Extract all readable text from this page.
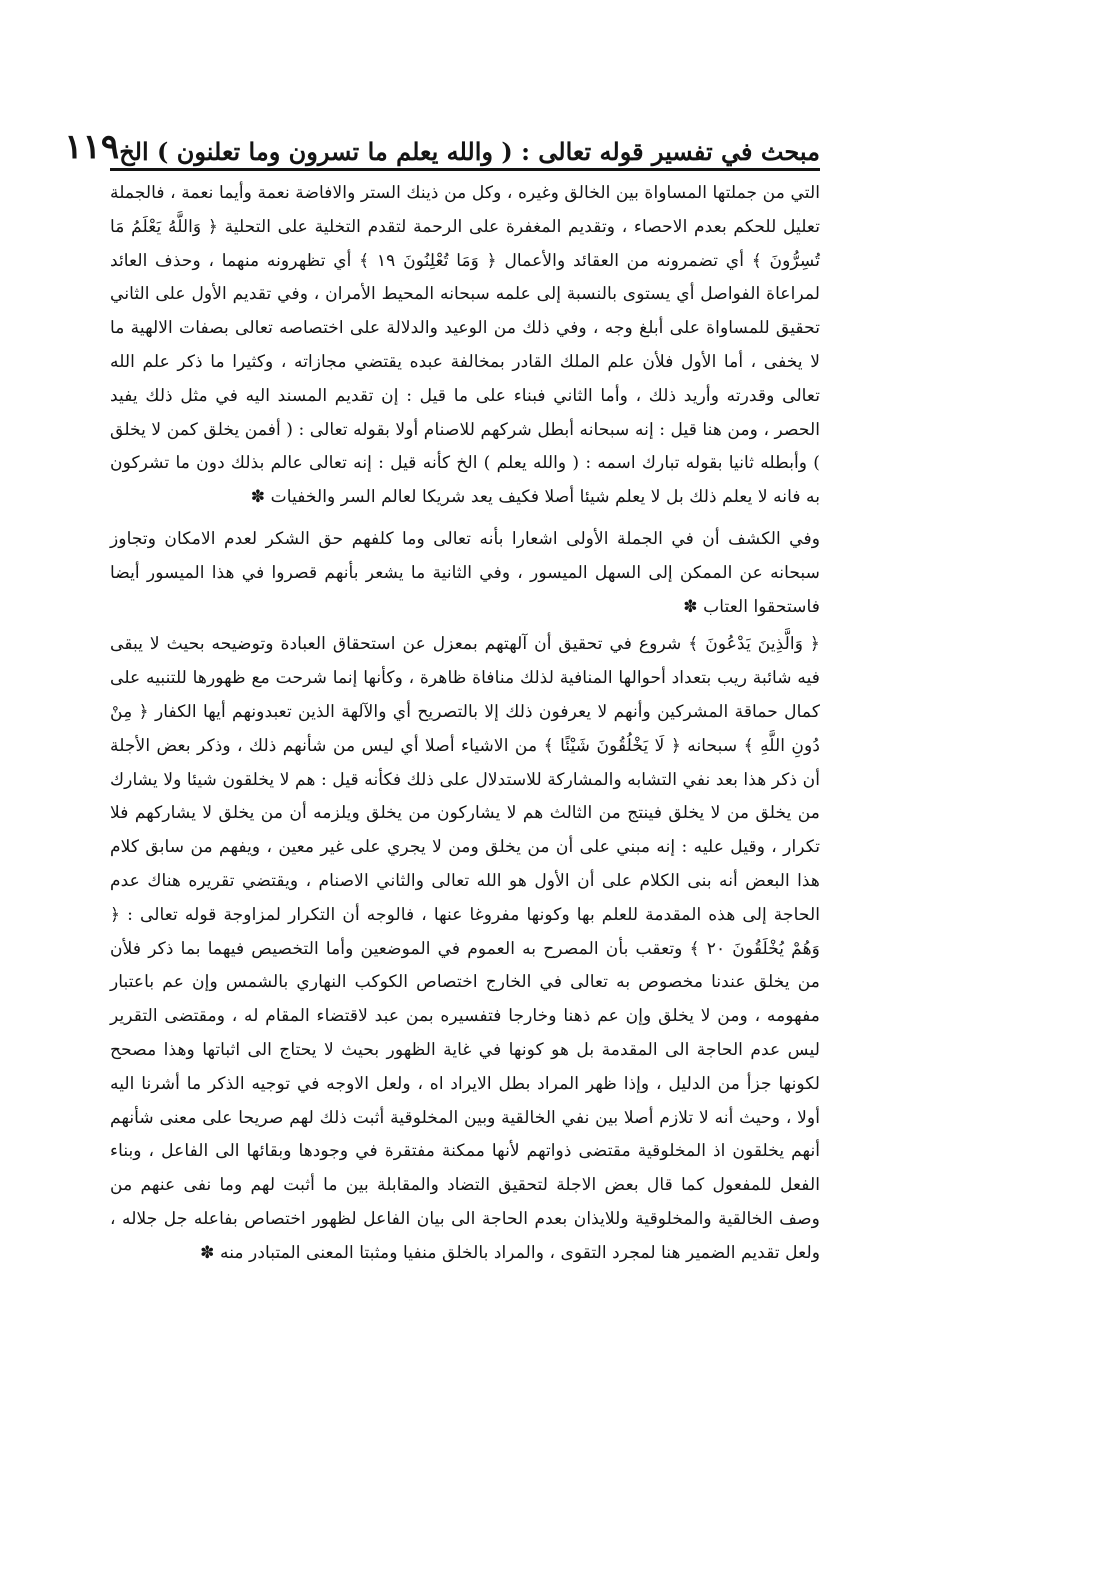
مبحث في تفسير قوله تعالى : ( والله يعلم ما تسرون وما تعلنون ) الخ
١١٩

التي من جملتها المساواة بين الخالق وغيره ، وكل من ذينك الستر والافاضة نعمة وأيما نعمة ، فالجملة تعليل للحكم بعدم الاحصاء ، وتقديم المغفرة على الرحمة لتقدم التخلية على التحلية ﴿ وَاللَّهُ يَعْلَمُ مَا تُسِرُّونَ ﴾ أي تضمرونه من العقائد والأعمال ﴿ وَمَا تُعْلِنُونَ ١٩ ﴾ أي تظهرونه منهما ، وحذف العائد لمراعاة الفواصل أي يستوى بالنسبة إلى علمه سبحانه المحيط الأمران ، وفي تقديم الأول على الثاني تحقيق للمساواة على أبلغ وجه ، وفي ذلك من الوعيد والدلالة على اختصاصه تعالى بصفات الالهية ما لا يخفى ، أما الأول فلأن علم الملك القادر بمخالفة عبده يقتضي مجازاته ، وكثيرا ما ذكر علم الله تعالى وقدرته وأريد ذلك ، وأما الثاني فبناء على ما قيل : إن تقديم المسند اليه في مثل ذلك يفيد الحصر ، ومن هنا قيل : إنه سبحانه أبطل شركهم للاصنام أولا بقوله تعالى : ( أفمن يخلق كمن لا يخلق ) وأبطله ثانيا بقوله تبارك اسمه : ( والله يعلم ) الخ كأنه قيل : إنه تعالى عالم بذلك دون ما تشركون به فانه لا يعلم ذلك بل لا يعلم شيئا أصلا فكيف يعد شريكا لعالم السر والخفيات ✽

وفي الكشف أن في الجملة الأولى اشعارا بأنه تعالى وما كلفهم حق الشكر لعدم الامكان وتجاوز سبحانه عن الممكن إلى السهل الميسور ، وفي الثانية ما يشعر بأنهم قصروا في هذا الميسور أيضا فاستحقوا العتاب ✽

﴿ وَالَّذِينَ يَدْعُونَ ﴾ شروع في تحقيق أن آلهتهم بمعزل عن استحقاق العبادة وتوضيحه بحيث لا يبقى فيه شائبة ريب بتعداد أحوالها المنافية لذلك منافاة ظاهرة ، وكأنها إنما شرحت مع ظهورها للتنبيه على كمال حماقة المشركين وأنهم لا يعرفون ذلك إلا بالتصريح أي والآلهة الذين تعبدونهم أيها الكفار ﴿ مِنْ دُونِ اللَّهِ ﴾ سبحانه ﴿ لَا يَخْلُقُونَ شَيْئًا ﴾ من الاشياء أصلا أي ليس من شأنهم ذلك ، وذكر بعض الأجلة أن ذكر هذا بعد نفي التشابه والمشاركة للاستدلال على ذلك فكأنه قيل : هم لا يخلقون شيئا ولا يشارك من يخلق من لا يخلق فينتج من الثالث هم لا يشاركون من يخلق ويلزمه أن من يخلق لا يشاركهم فلا تكرار ، وقيل عليه : إنه مبني على أن من يخلق ومن لا يجري على غير معين ، ويفهم من سابق كلام هذا البعض أنه بنى الكلام على أن الأول هو الله تعالى والثاني الاصنام ، ويقتضي تقريره هناك عدم الحاجة إلى هذه المقدمة للعلم بها وكونها مفروغا عنها ، فالوجه أن التكرار لمزاوجة قوله تعالى : ﴿ وَهُمْ يُخْلَقُونَ ٢٠ ﴾ وتعقب بأن المصرح به العموم في الموضعين وأما التخصيص فيهما بما ذكر فلأن من يخلق عندنا مخصوص به تعالى في الخارج اختصاص الكوكب النهاري بالشمس وإن عم باعتبار مفهومه ، ومن لا يخلق وإن عم ذهنا وخارجا فتفسيره بمن عبد لاقتضاء المقام له ، ومقتضى التقرير ليس عدم الحاجة الى المقدمة بل هو كونها في غاية الظهور بحيث لا يحتاج الى اثباتها وهذا مصحح لكونها جزأ من الدليل ، وإذا ظهر المراد بطل الايراد اه ، ولعل الاوجه في توجيه الذكر ما أشرنا اليه أولا ، وحيث أنه لا تلازم أصلا بين نفي الخالقية وبين المخلوقية أثبت ذلك لهم صريحا على معنى شأنهم أنهم يخلقون اذ المخلوقية مقتضى ذواتهم لأنها ممكنة مفتقرة في وجودها وبقائها الى الفاعل ، وبناء الفعل للمفعول كما قال بعض الاجلة لتحقيق التضاد والمقابلة بين ما أثبت لهم وما نفى عنهم من وصف الخالقية والمخلوقية وللايذان بعدم الحاجة الى بيان الفاعل لظهور اختصاص بفاعله جل جلاله ، ولعل تقديم الضمير هنا لمجرد التقوى ، والمراد بالخلق منفيا ومثبتا المعنى المتبادر منه ✽
